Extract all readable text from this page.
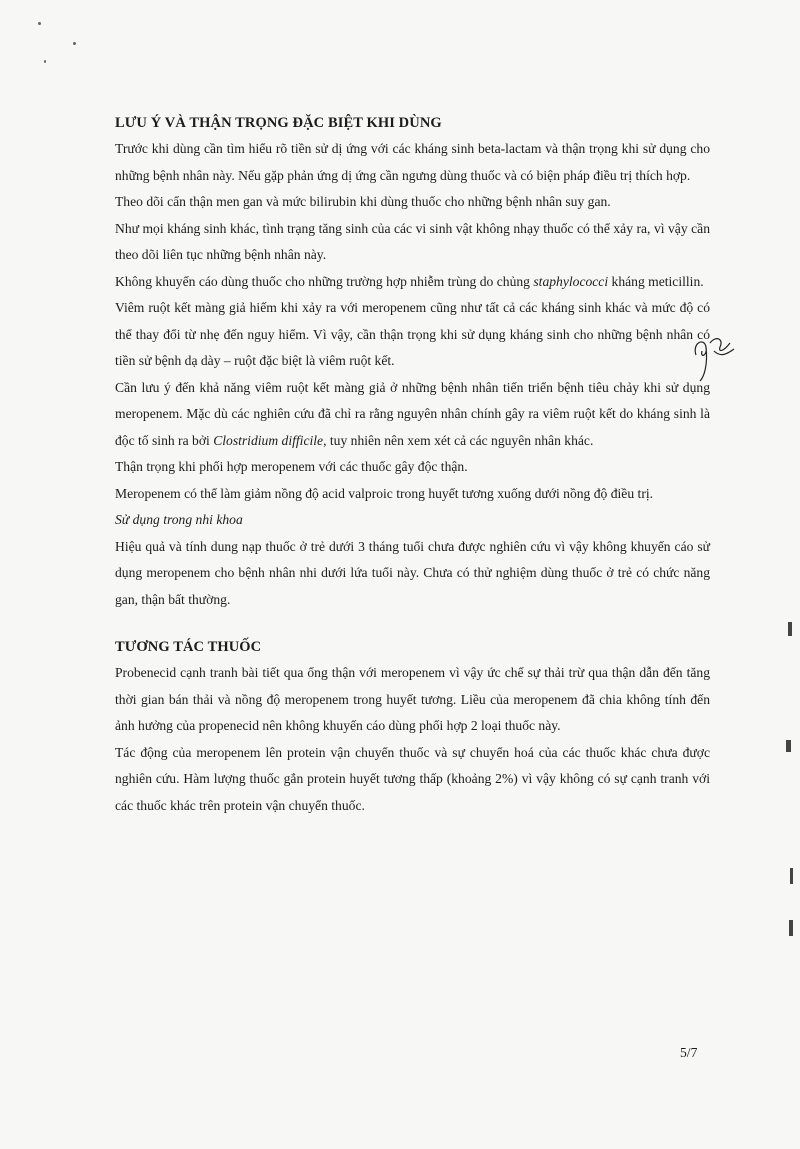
LƯU Ý VÀ THẬN TRỌNG ĐẶC BIỆT KHI DÙNG

Trước khi dùng cần tìm hiểu rõ tiền sử dị ứng với các kháng sinh beta-lactam và thận trọng khi sử dụng cho những bệnh nhân này. Nếu gặp phản ứng dị ứng cần ngưng dùng thuốc và có biện pháp điều trị thích hợp.

Theo dõi cẩn thận men gan và mức bilirubin khi dùng thuốc cho những bệnh nhân suy gan.

Như mọi kháng sinh khác, tình trạng tăng sinh của các vi sinh vật không nhạy thuốc có thể xảy ra, vì vậy cần theo dõi liên tục những bệnh nhân này.

Không khuyến cáo dùng thuốc cho những trường hợp nhiễm trùng do chủng staphylococci kháng meticillin.

Viêm ruột kết màng giả hiếm khi xảy ra với meropenem cũng như tất cả các kháng sinh khác và mức độ có thể thay đổi từ nhẹ đến nguy hiểm. Vì vậy, cần thận trọng khi sử dụng kháng sinh cho những bệnh nhân có tiền sử bệnh dạ dày – ruột đặc biệt là viêm ruột kết.

Cần lưu ý đến khả năng viêm ruột kết màng giả ở những bệnh nhân tiến triển bệnh tiêu chảy khi sử dụng meropenem. Mặc dù các nghiên cứu đã chỉ ra rằng nguyên nhân chính gây ra viêm ruột kết do kháng sinh là độc tố sinh ra bởi Clostridium difficile, tuy nhiên nên xem xét cả các nguyên nhân khác.

Thận trọng khi phối hợp meropenem với các thuốc gây độc thận.

Meropenem có thể làm giảm nồng độ acid valproic trong huyết tương xuống dưới nồng độ điều trị.

Sử dụng trong nhi khoa

Hiệu quả và tính dung nạp thuốc ở trẻ dưới 3 tháng tuổi chưa được nghiên cứu vì vậy không khuyến cáo sử dụng meropenem cho bệnh nhân nhi dưới lứa tuổi này. Chưa có thử nghiệm dùng thuốc ở trẻ có chức năng gan, thận bất thường.

TƯƠNG TÁC THUỐC

Probenecid cạnh tranh bài tiết qua ống thận với meropenem vì vậy ức chế sự thải trừ qua thận dẫn đến tăng thời gian bán thải và nồng độ meropenem trong huyết tương. Liều của meropenem đã chia không tính đến ảnh hưởng của propenecid nên không khuyến cáo dùng phối hợp 2 loại thuốc này.

Tác động của meropenem lên protein vận chuyển thuốc và sự chuyển hoá của các thuốc khác chưa được nghiên cứu. Hàm lượng thuốc gắn protein huyết tương thấp (khoảng 2%) vì vậy không có sự cạnh tranh với các thuốc khác trên protein vận chuyển thuốc.

5/7
